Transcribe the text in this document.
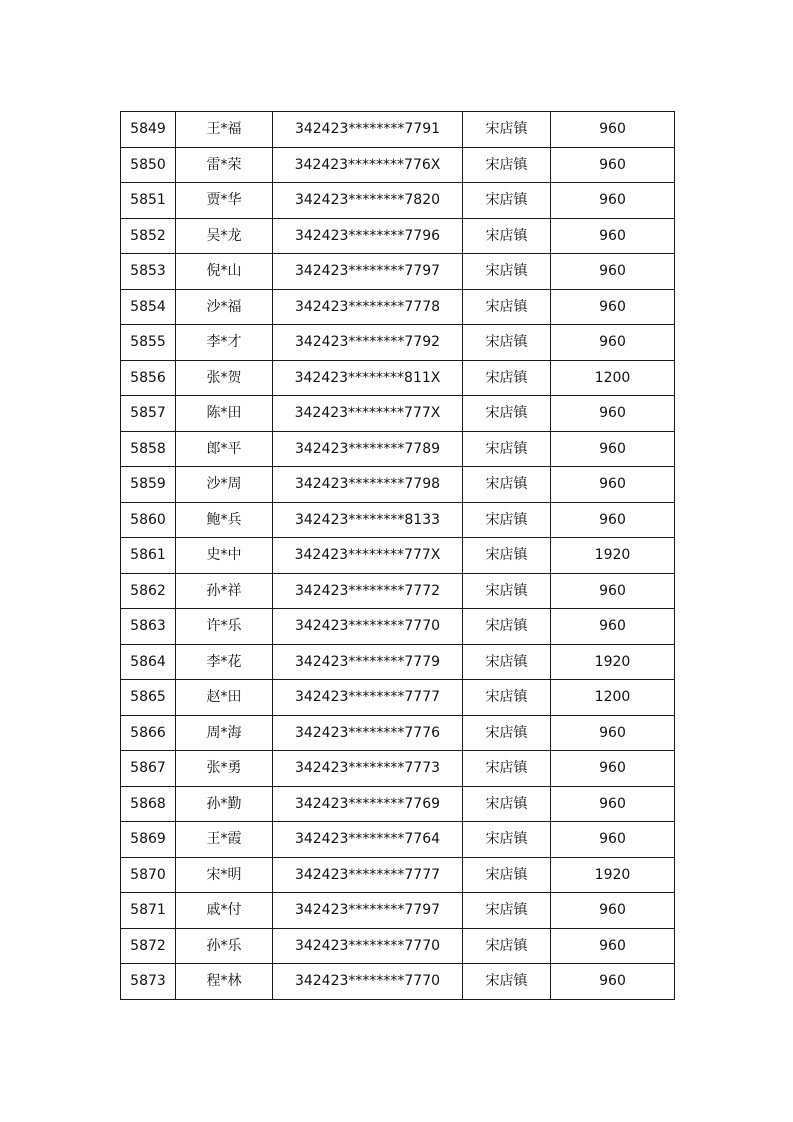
5849	王*福	342423********7791	宋店镇	960
5850	雷*荣	342423********776X	宋店镇	960
5851	贾*华	342423********7820	宋店镇	960
5852	吴*龙	342423********7796	宋店镇	960
5853	倪*山	342423********7797	宋店镇	960
5854	沙*福	342423********7778	宋店镇	960
5855	李*才	342423********7792	宋店镇	960
5856	张*贺	342423********811X	宋店镇	1200
5857	陈*田	342423********777X	宋店镇	960
5858	郎*平	342423********7789	宋店镇	960
5859	沙*周	342423********7798	宋店镇	960
5860	鲍*兵	342423********8133	宋店镇	960
5861	史*中	342423********777X	宋店镇	1920
5862	孙*祥	342423********7772	宋店镇	960
5863	许*乐	342423********7770	宋店镇	960
5864	李*花	342423********7779	宋店镇	1920
5865	赵*田	342423********7777	宋店镇	1200
5866	周*海	342423********7776	宋店镇	960
5867	张*勇	342423********7773	宋店镇	960
5868	孙*勤	342423********7769	宋店镇	960
5869	王*霞	342423********7764	宋店镇	960
5870	宋*明	342423********7777	宋店镇	1920
5871	戚*付	342423********7797	宋店镇	960
5872	孙*乐	342423********7770	宋店镇	960
5873	程*林	342423********7770	宋店镇	960
